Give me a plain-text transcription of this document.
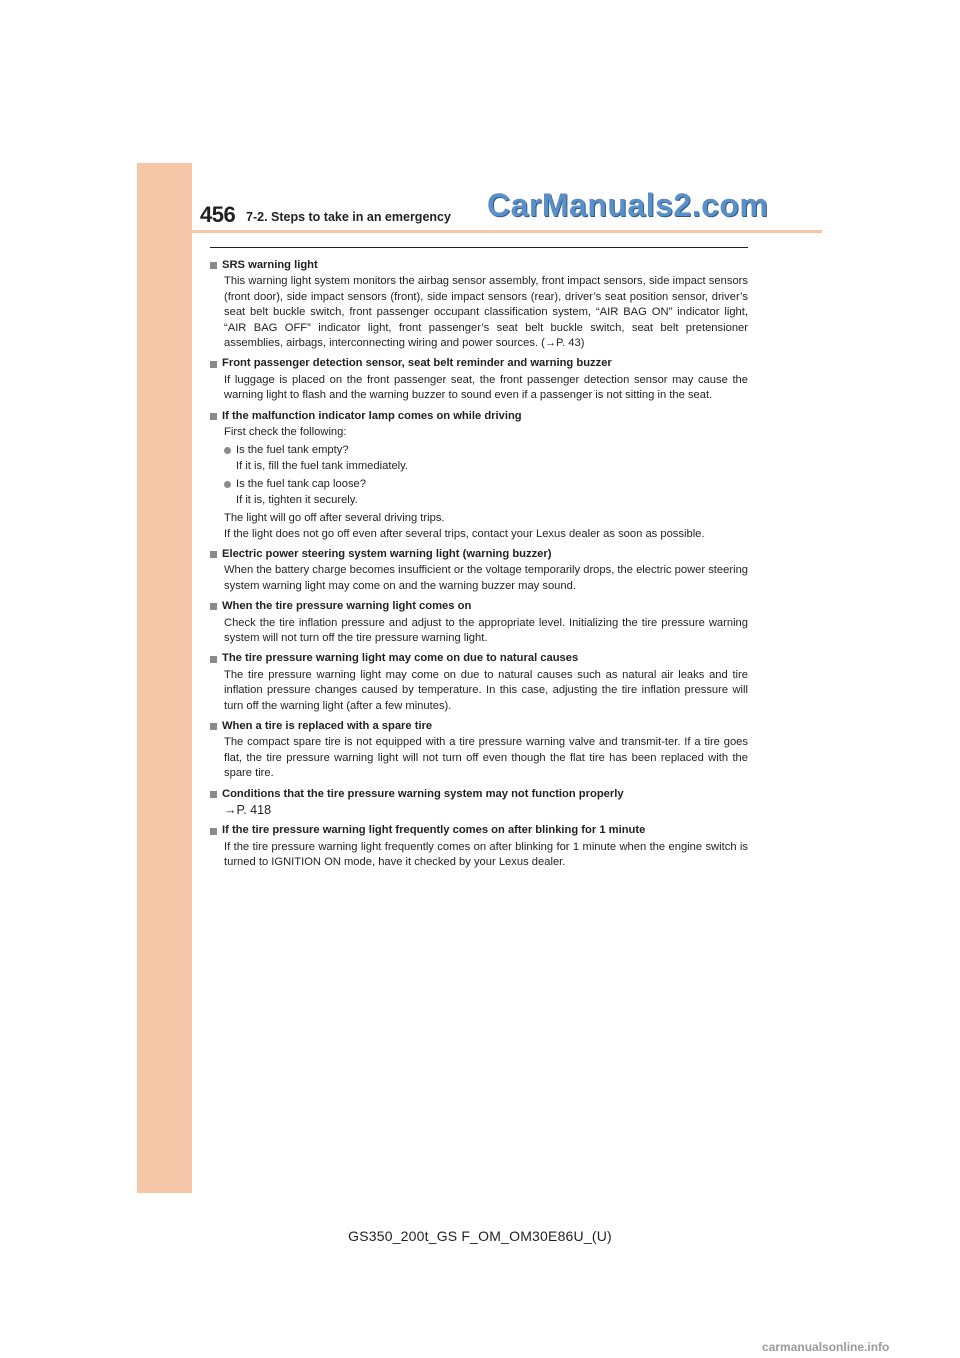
456 7-2. Steps to take in an emergency CarManuals2.com
SRS warning light

This warning light system monitors the airbag sensor assembly, front impact sensors, side impact sensors (front door), side impact sensors (front), side impact sensors (rear), driver’s seat position sensor, driver’s seat belt buckle switch, front passenger occupant classification system, “AIR BAG ON” indicator light, “AIR BAG OFF” indicator light, front passenger’s seat belt buckle switch, seat belt pretensioner assemblies, airbags, interconnecting wiring and power sources. (→P. 43)

Front passenger detection sensor, seat belt reminder and warning buzzer

If luggage is placed on the front passenger seat, the front passenger detection sensor may cause the warning light to flash and the warning buzzer to sound even if a passenger is not sitting in the seat.

If the malfunction indicator lamp comes on while driving

First check the following:

Is the fuel tank empty?

If it is, fill the fuel tank immediately.

Is the fuel tank cap loose?

If it is, tighten it securely.

The light will go off after several driving trips.

If the light does not go off even after several trips, contact your Lexus dealer as soon as possible.

Electric power steering system warning light (warning buzzer)

When the battery charge becomes insufficient or the voltage temporarily drops, the electric power steering system warning light may come on and the warning buzzer may sound.

When the tire pressure warning light comes on

Check the tire inflation pressure and adjust to the appropriate level. Initializing the tire pressure warning system will not turn off the tire pressure warning light.

The tire pressure warning light may come on due to natural causes

The tire pressure warning light may come on due to natural causes such as natural air leaks and tire inflation pressure changes caused by temperature. In this case, adjusting the tire inflation pressure will turn off the warning light (after a few minutes).

When a tire is replaced with a spare tire

The compact spare tire is not equipped with a tire pressure warning valve and transmit-ter. If a tire goes flat, the tire pressure warning light will not turn off even though the flat tire has been replaced with the spare tire.

Conditions that the tire pressure warning system may not function properly

→P. 418

If the tire pressure warning light frequently comes on after blinking for 1 minute

If the tire pressure warning light frequently comes on after blinking for 1 minute when the engine switch is turned to IGNITION ON mode, have it checked by your Lexus dealer.

GS350_200t_GS F_OM_OM30E86U_(U)
carmanualsonline.info
